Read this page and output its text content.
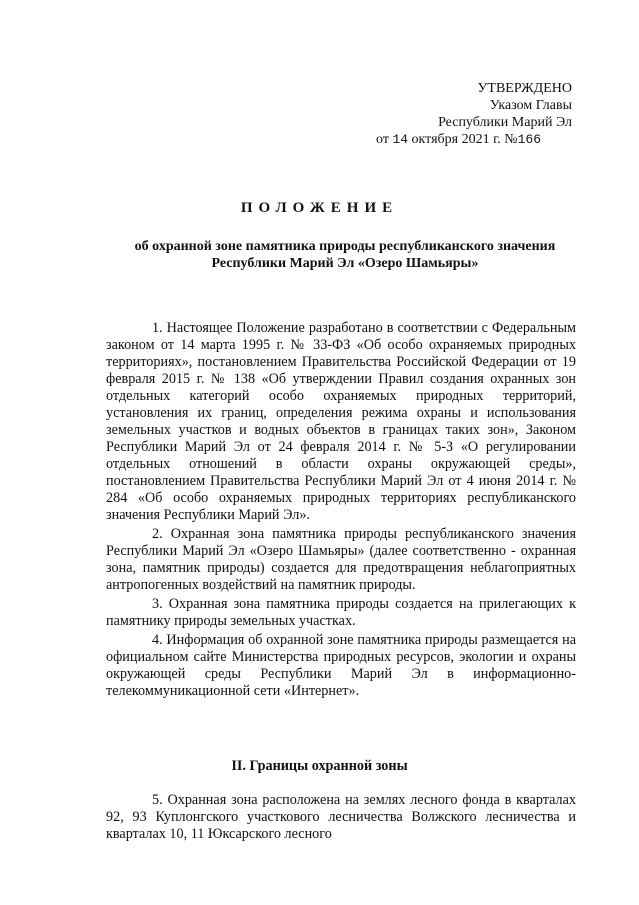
УТВЕРЖДЕНО
Указом Главы
Республики Марий Эл
от 14 октября 2021 г. №166
ПОЛОЖЕНИЕ
об охранной зоне памятника природы республиканского значения
Республики Марий Эл «Озеро Шамьяры»

1. Настоящее Положение разработано в соответствии с Федеральным законом от 14 марта 1995 г. № 33-ФЗ «Об особо охраняемых природных территориях», постановлением Правительства Российской Федерации от 19 февраля 2015 г. № 138 «Об утверждении Правил создания охранных зон отдельных категорий особо охраняемых природных территорий, установления их границ, определения режима охраны и использования земельных участков и водных объектов в границах таких зон», Законом Республики Марий Эл от 24 февраля 2014 г. № 5-З «О регулировании отдельных отношений в области охраны окружающей среды», постановлением Правительства Республики Марий Эл от 4 июня 2014 г. № 284 «Об особо охраняемых природных территориях республиканского значения Республики Марий Эл».

2. Охранная зона памятника природы республиканского значения Республики Марий Эл «Озеро Шамьяры» (далее соответственно - охранная зона, памятник природы) создается для предотвращения неблагоприятных антропогенных воздействий на памятник природы.

3. Охранная зона памятника природы создается на прилегающих к памятнику природы земельных участках.

4. Информация об охранной зоне памятника природы размещается на официальном сайте Министерства природных ресурсов, экологии и охраны окружающей среды Республики Марий Эл в информационно-телекоммуникационной сети «Интернет».

II. Границы охранной зоны

5. Охранная зона расположена на землях лесного фонда в кварталах 92, 93 Куплонгского участкового лесничества Волжского лесничества и кварталах 10, 11 Юксарского лесного
